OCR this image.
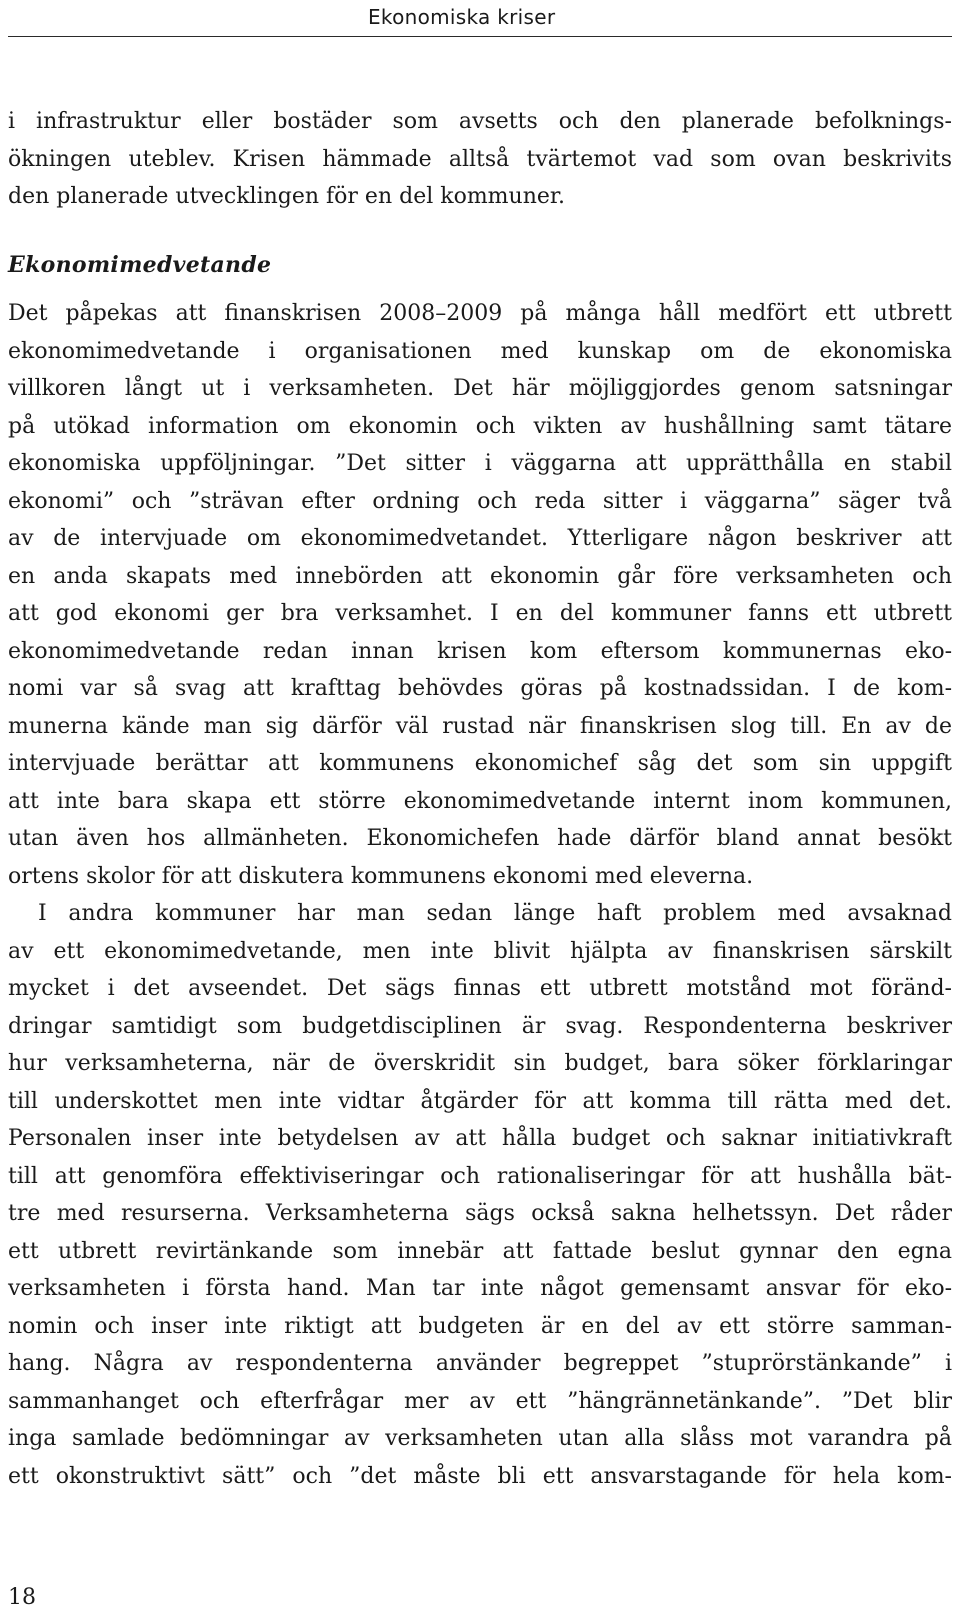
Ekonomiska kriser
i infrastruktur eller bostäder som avsetts och den planerade befolknings-
ökningen uteblev. Krisen hämmade alltså tvärtemot vad som ovan beskrivits
den planerade utvecklingen för en del kommuner.
Ekonomimedvetande
Det påpekas att finanskrisen 2008–2009 på många håll medfört ett utbrett
ekonomimedvetande i organisationen med kunskap om de ekonomiska
villkoren långt ut i verksamheten. Det här möjliggjordes genom satsningar
på utökad information om ekonomin och vikten av hushållning samt tätare
ekonomiska uppföljningar. ”Det sitter i väggarna att upprätthålla en stabil
ekonomi” och ”strävan efter ordning och reda sitter i väggarna” säger två
av de intervjuade om ekonomimedvetandet. Ytterligare någon beskriver att
en anda skapats med innebörden att ekonomin går före verksamheten och
att god ekonomi ger bra verksamhet. I en del kommuner fanns ett utbrett
ekonomimedvetande redan innan krisen kom eftersom kommunernas eko-
nomi var så svag att krafttag behövdes göras på kostnadssidan. I de kom-
munerna kände man sig därför väl rustad när finanskrisen slog till. En av de
intervjuade berättar att kommunens ekonomichef såg det som sin uppgift
att inte bara skapa ett större ekonomimedvetande internt inom kommunen,
utan även hos allmänheten. Ekonomichefen hade därför bland annat besökt
ortens skolor för att diskutera kommunens ekonomi med eleverna.
I andra kommuner har man sedan länge haft problem med avsaknad
av ett ekonomimedvetande, men inte blivit hjälpta av finanskrisen särskilt
mycket i det avseendet. Det sägs finnas ett utbrett motstånd mot föränd-
dringar samtidigt som budgetdisciplinen är svag. Respondenterna beskriver
hur verksamheterna, när de överskridit sin budget, bara söker förklaringar
till underskottet men inte vidtar åtgärder för att komma till rätta med det.
Personalen inser inte betydelsen av att hålla budget och saknar initiativkraft
till att genomföra effektiviseringar och rationaliseringar för att hushålla bät-
tre med resurserna. Verksamheterna sägs också sakna helhetssyn. Det råder
ett utbrett revirtänkande som innebär att fattade beslut gynnar den egna
verksamheten i första hand. Man tar inte något gemensamt ansvar för eko-
nomin och inser inte riktigt att budgeten är en del av ett större samman-
hang. Några av respondenterna använder begreppet ”stuprörstänkande” i
sammanhanget och efterfrågar mer av ett ”hängrännetänkande”. ”Det blir
inga samlade bedömningar av verksamheten utan alla slåss mot varandra på
ett okonstruktivt sätt” och ”det måste bli ett ansvarstagande för hela kom-
18
